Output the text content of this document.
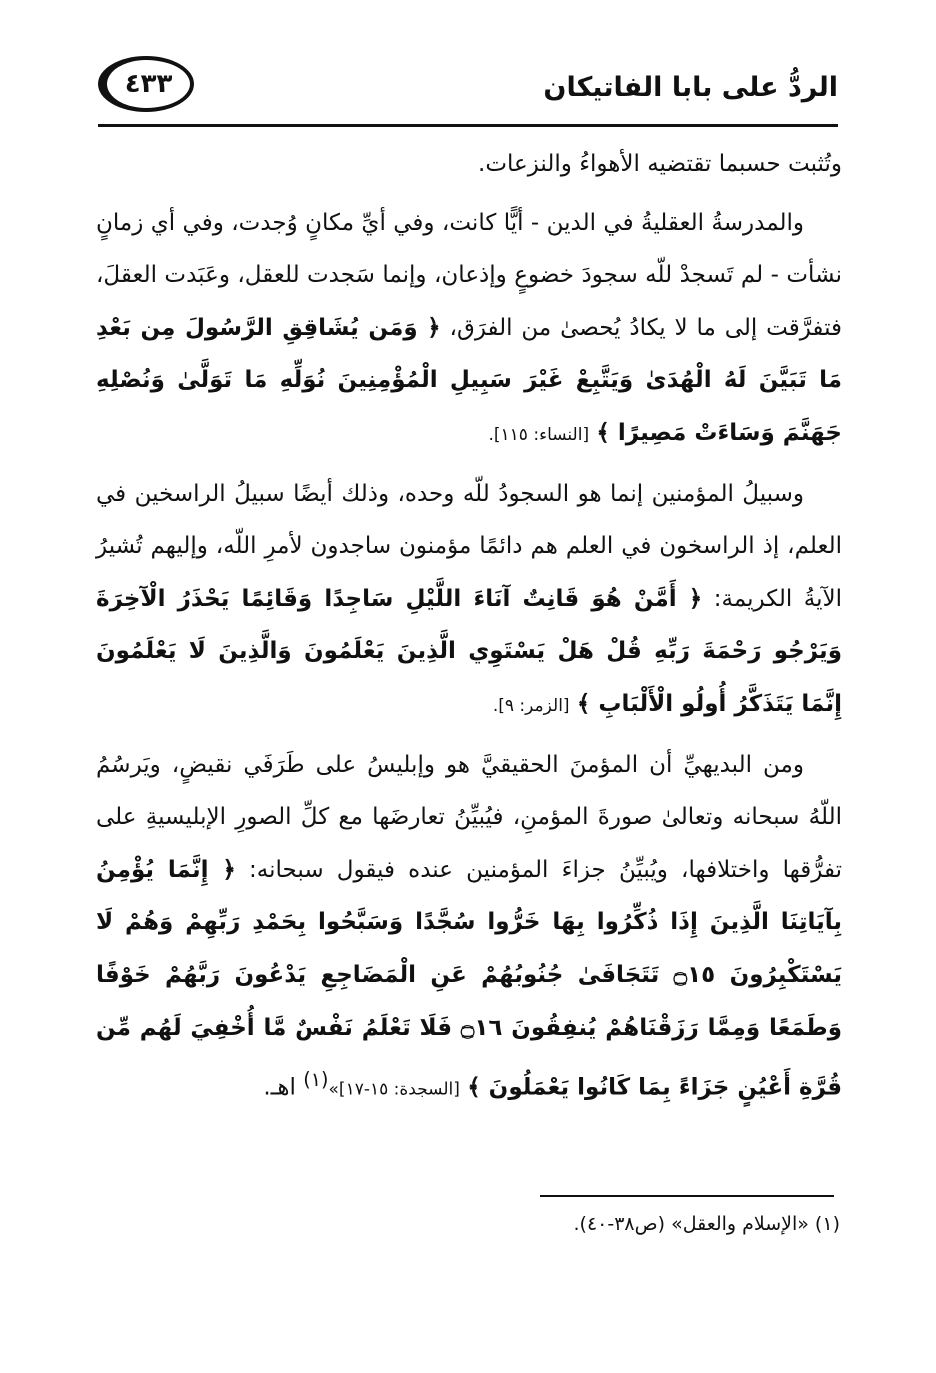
الردُّ على بابا الفاتيكان
٤٣٣

وتُثبت حسبما تقتضيه الأهواءُ والنزعات.

والمدرسةُ العقليةُ في الدين - أيًّا كانت، وفي أيِّ مكانٍ وُجدت، وفي أي زمانٍ نشأت - لم تَسجدْ للّه سجودَ خضوعٍ وإذعان، وإنما سَجدت للعقل، وعَبَدت العقلَ، فتفرَّقت إلى ما لا يكادُ يُحصىٰ من الفرَق، ﴿ وَمَن يُشَاقِقِ الرَّسُولَ مِن بَعْدِ مَا تَبَيَّنَ لَهُ الْهُدَىٰ وَيَتَّبِعْ غَيْرَ سَبِيلِ الْمُؤْمِنِينَ نُوَلِّهِ مَا تَوَلَّىٰ وَنُصْلِهِ جَهَنَّمَ وَسَاءَتْ مَصِيرًا ﴾ [النساء: ١١٥].

وسبيلُ المؤمنين إنما هو السجودُ للّه وحده، وذلك أيضًا سبيلُ الراسخين في العلم، إذ الراسخون في العلم هم دائمًا مؤمنون ساجدون لأمرِ اللّه، وإليهم تُشيرُ الآيةُ الكريمة: ﴿ أَمَّنْ هُوَ قَانِتٌ آنَاءَ اللَّيْلِ سَاجِدًا وَقَائِمًا يَحْذَرُ الْآخِرَةَ وَيَرْجُو رَحْمَةَ رَبِّهِ قُلْ هَلْ يَسْتَوِي الَّذِينَ يَعْلَمُونَ وَالَّذِينَ لَا يَعْلَمُونَ إِنَّمَا يَتَذَكَّرُ أُولُو الْأَلْبَابِ ﴾ [الزمر: ٩].

ومن البديهيِّ أن المؤمنَ الحقيقيَّ هو وإبليسُ على طَرَفَي نقيضٍ، ويَرسُمُ اللّهُ سبحانه وتعالىٰ صورةَ المؤمنِ، فيُبيِّنُ تعارضَها مع كلِّ الصورِ الإبليسيةِ على تفرُّقها واختلافها، ويُبيِّنُ جزاءَ المؤمنين عنده فيقول سبحانه: ﴿ إِنَّمَا يُؤْمِنُ بِآيَاتِنَا الَّذِينَ إِذَا ذُكِّرُوا بِهَا خَرُّوا سُجَّدًا وَسَبَّحُوا بِحَمْدِ رَبِّهِمْ وَهُمْ لَا يَسْتَكْبِرُونَ ۝١٥ تَتَجَافَىٰ جُنُوبُهُمْ عَنِ الْمَضَاجِعِ يَدْعُونَ رَبَّهُمْ خَوْفًا وَطَمَعًا وَمِمَّا رَزَقْنَاهُمْ يُنفِقُونَ ۝١٦ فَلَا تَعْلَمُ نَفْسٌ مَّا أُخْفِيَ لَهُم مِّن قُرَّةِ أَعْيُنٍ جَزَاءً بِمَا كَانُوا يَعْمَلُونَ ﴾ [السجدة: ١٥-١٧]»$^{(١)}$ اهـ.

(١) «الإسلام والعقل» (ص٣٨-٤٠).
